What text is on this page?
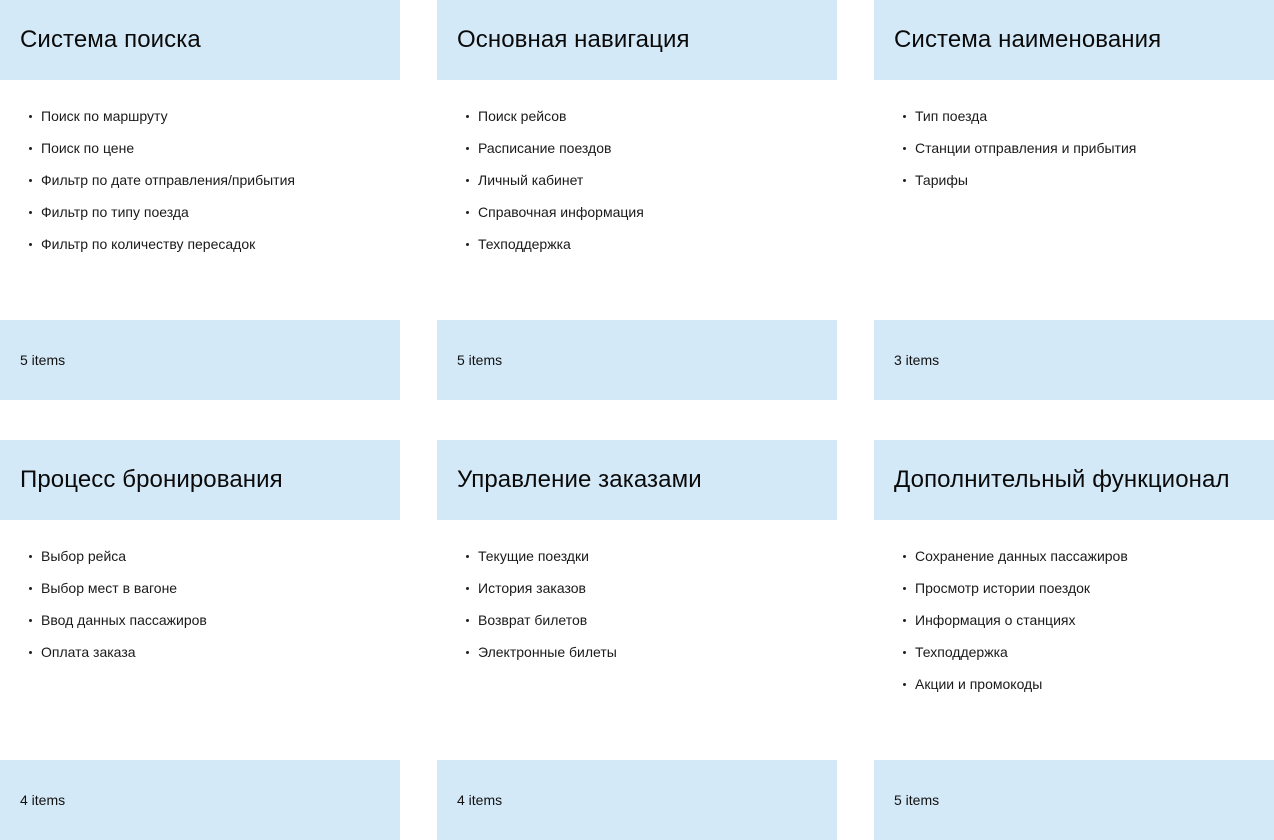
Система поиска
Поиск по маршруту
Поиск по цене
Фильтр по дате отправления/прибытия
Фильтр по типу поезда
Фильтр по количеству пересадок
5 items
Основная навигация
Поиск рейсов
Расписание поездов
Личный кабинет
Справочная информация
Техподдержка
5 items
Система наименования
Тип поезда
Станции отправления и прибытия
Тарифы
3 items
Процесс бронирования
Выбор рейса
Выбор мест в вагоне
Ввод данных пассажиров
Оплата заказа
4 items
Управление заказами
Текущие поездки
История заказов
Возврат билетов
Электронные билеты
4 items
Дополнительный функционал
Сохранение данных пассажиров
Просмотр истории поездок
Информация о станциях
Техподдержка
Акции и промокоды
5 items
